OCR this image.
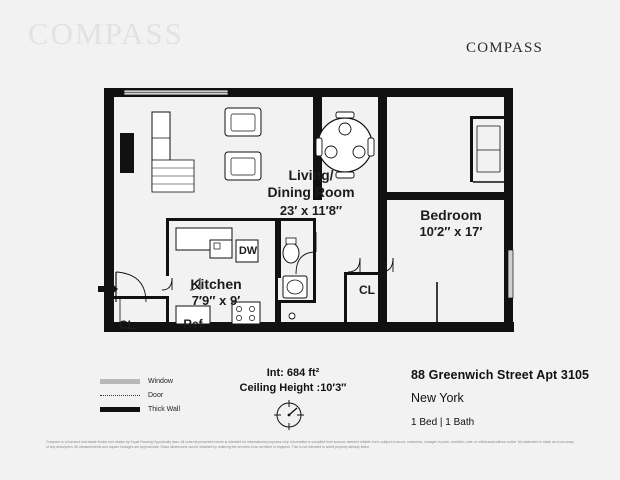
COMPASS	COMPASS
Living/
Dining Room
23′ x 11′8″	Bedroom
10′2″ x 17′
Kitchen
7′9″ x 9′
CL
CL
Ref
DW
Window
Door
Thick Wall
Int: 684 ft²
Ceiling Height :10′3″
88 Greenwich Street Apt 3105
New York
1 Bed | 1 Bath
Compass is a licensed real estate broker and abides by Equal Housing Opportunity laws. All material presented herein is intended for informational purposes only. Information is compiled from sources deemed reliable but is subject to errors, omissions, changes in price, condition, sale, or withdrawal without notice. No statement is made as to accuracy of any description. All measurements and square footages are approximate. Exact dimensions can be obtained by retaining the services of an architect or engineer. This is not intended to solicit property already listed.
